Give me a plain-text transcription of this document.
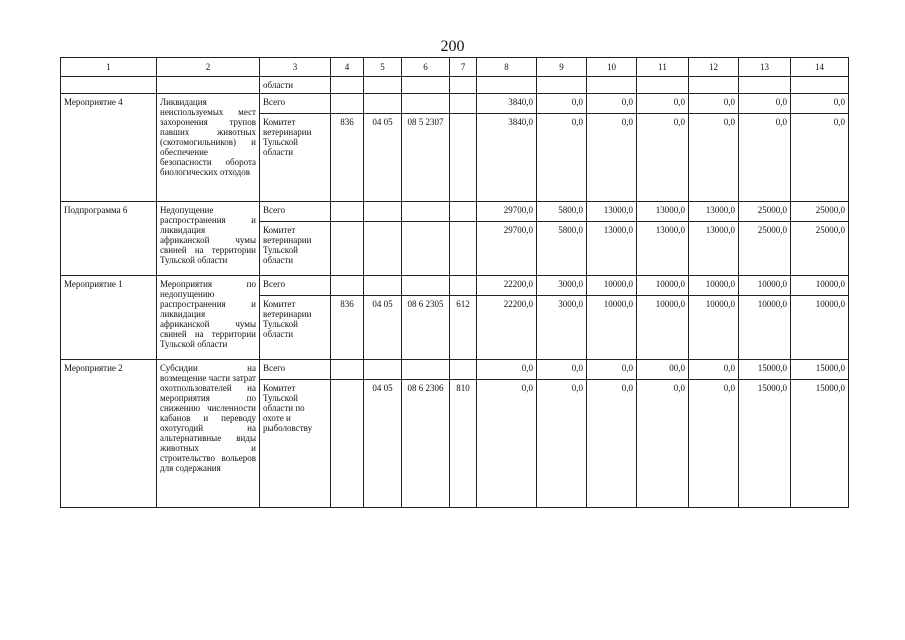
200
1	2	3	4	5	6	7	8	9	10	11	12	13	14
		области											
Мероприятие 4	Ликвидация неиспользуемых мест захоронения трупов павших животных (скотомогильников) и обеспечение безопасности оборота биологических отходов	Всего					3840,0	0,0	0,0	0,0	0,0	0,0	0,0
		Комитет ветеринарии Тульской области	836	04 05	08 5 2307		3840,0	0,0	0,0	0,0	0,0	0,0	0,0
Подпрограмма 6	Недопущение распространения и ликвидация африканской чумы свиней на территории Тульской области	Всего					29700,0	5800,0	13000,0	13000,0	13000,0	25000,0	25000,0
		Комитет ветеринарии Тульской области					29700,0	5800,0	13000,0	13000,0	13000,0	25000,0	25000,0
Мероприятие 1	Мероприятия по недопущению распространения и ликвидация африканской чумы свиней на территории Тульской области	Всего					22200,0	3000,0	10000,0	10000,0	10000,0	10000,0	10000,0
		Комитет ветеринарии Тульской области	836	04 05	08 6 2305	612	22200,0	3000,0	10000,0	10000,0	10000,0	10000,0	10000,0
Мероприятие 2	Субсидии на возмещение части затрат охотпользователей на мероприятия по снижению численности кабанов и переводу охотугодий на альтернативные виды животных и строительство вольеров для содержания	Всего					0,0	0,0	0,0	00,0	0,0	15000,0	15000,0
		Комитет Тульской области по охоте и рыболовству		04 05	08 6 2306	810	0,0	0,0	0,0	0,0	0,0	15000,0	15000,0
